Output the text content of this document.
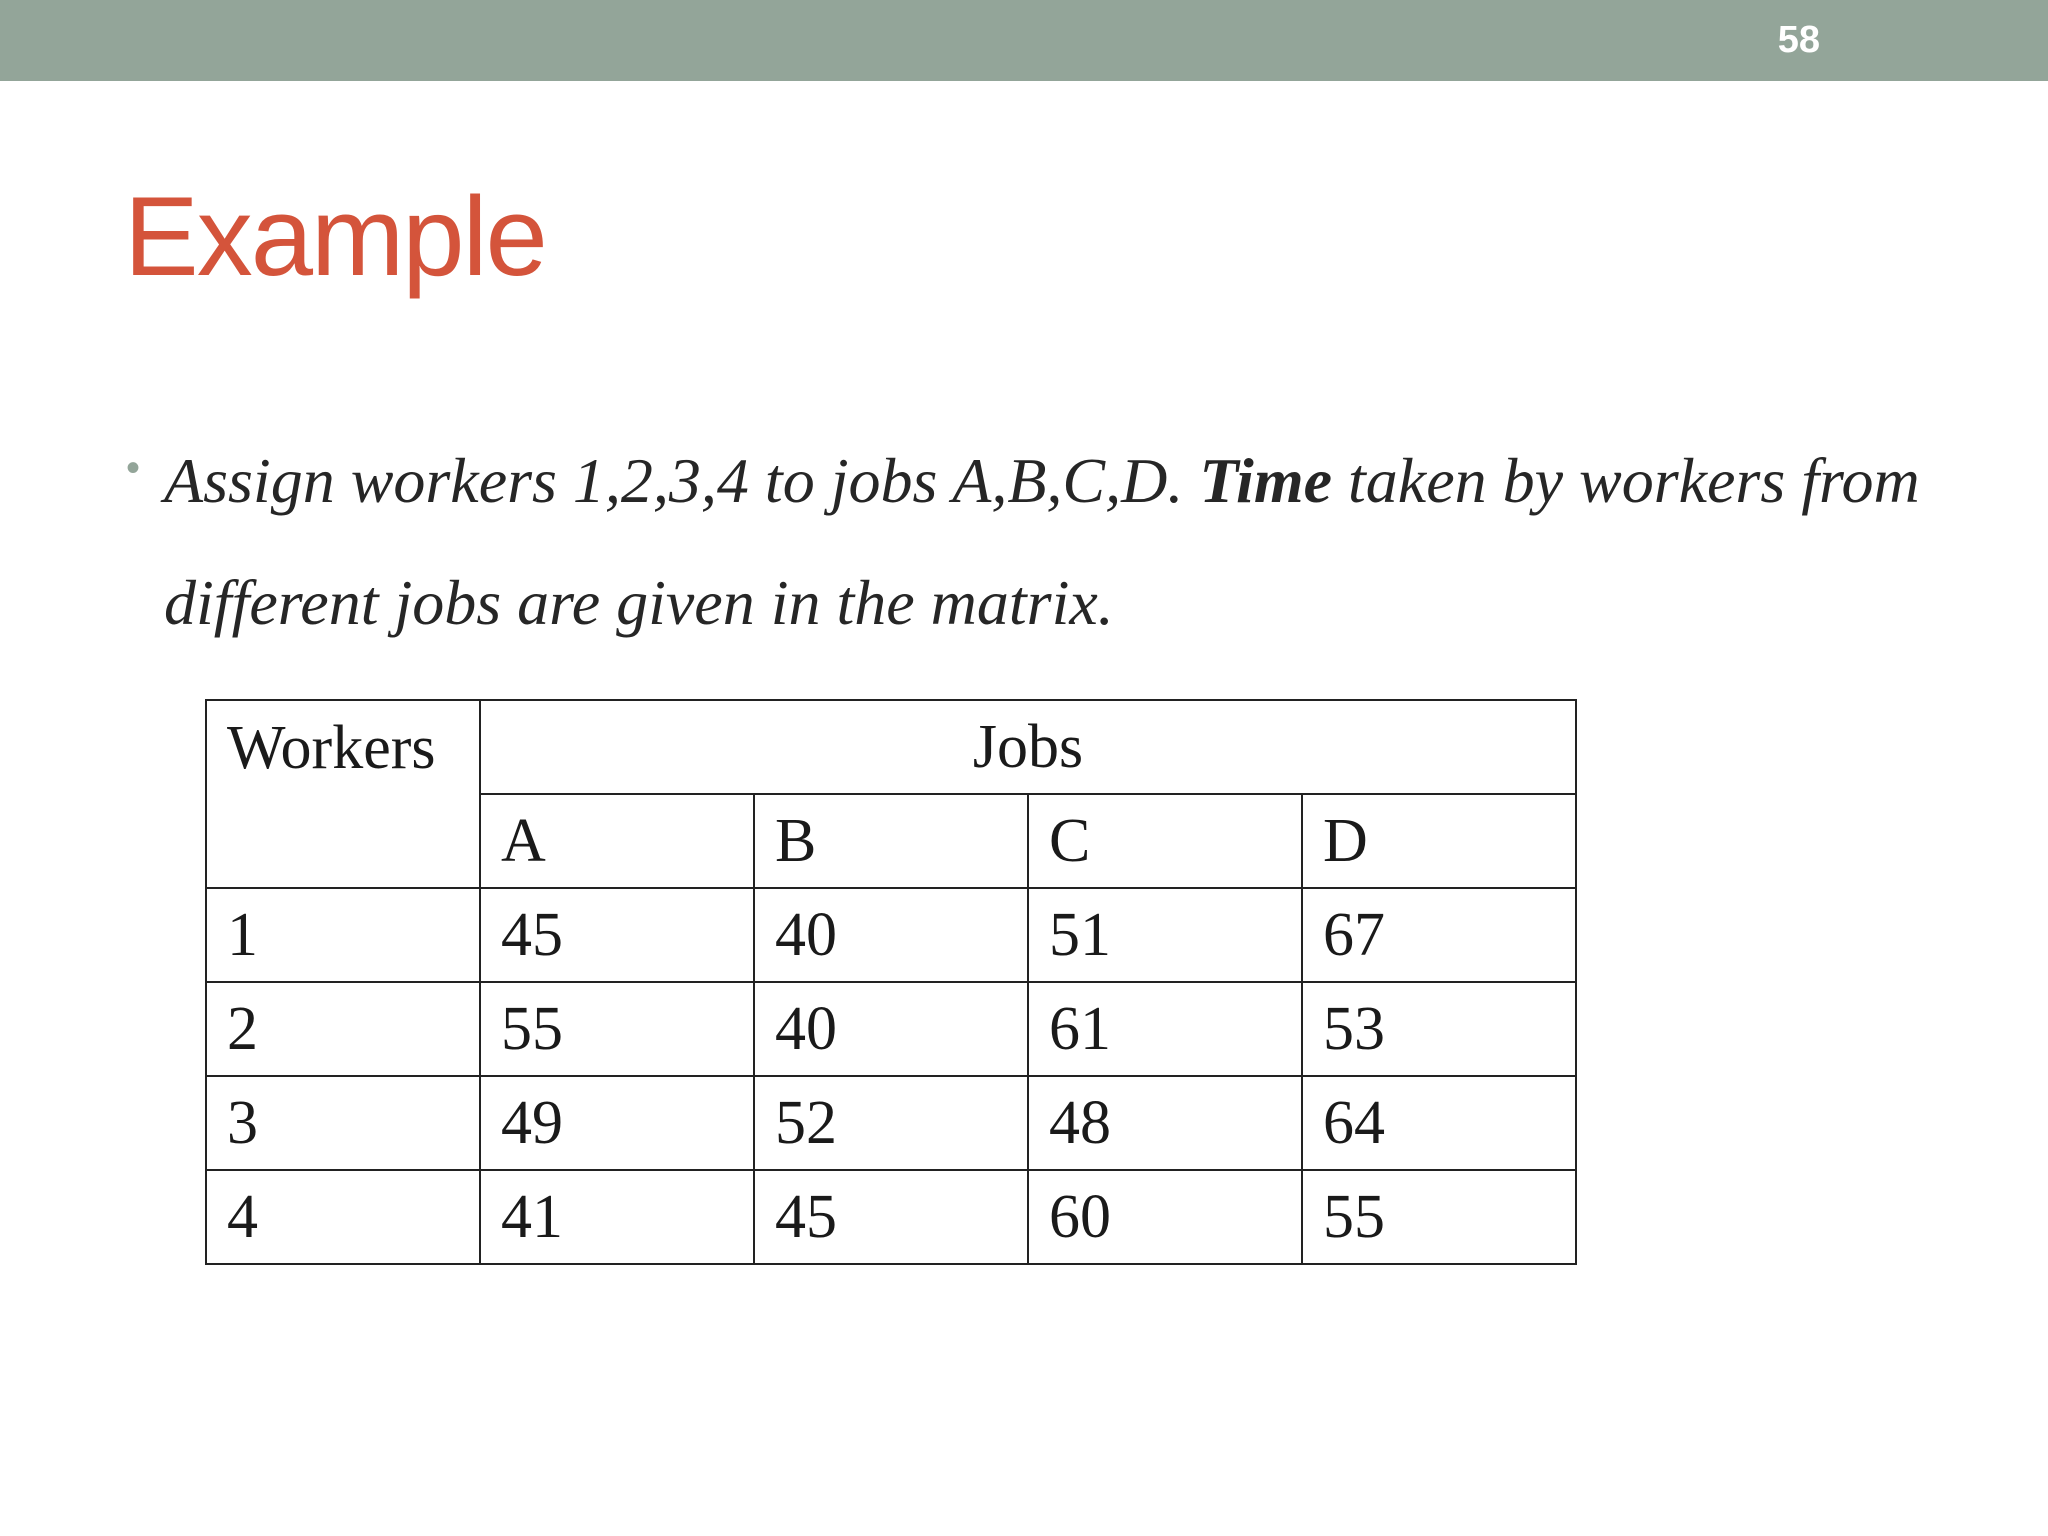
58
Example
• Assign workers 1,2,3,4 to jobs A,B,C,D. Time taken by workers from different jobs are given in the matrix.

Workers	Jobs			
	A	B	C	D
1	45	40	51	67
2	55	40	61	53
3	49	52	48	64
4	41	45	60	55
